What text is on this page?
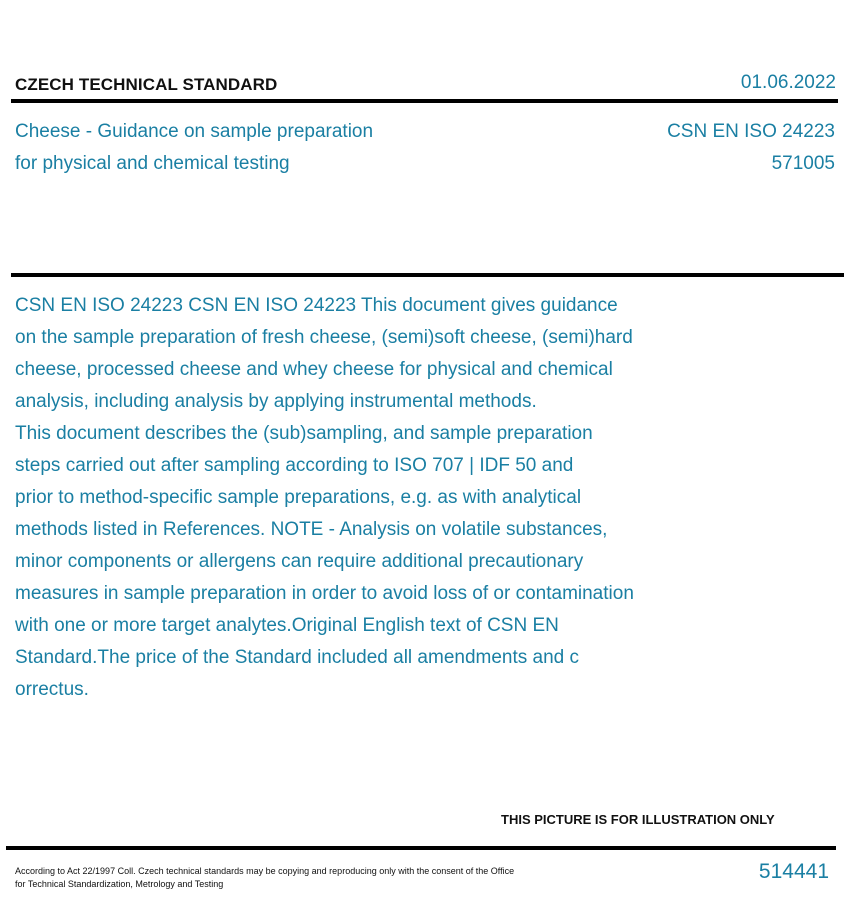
CZECH TECHNICAL STANDARD	01.06.2022
Cheese - Guidance on sample preparation
for physical and chemical testing
CSN EN ISO 24223
571005
CSN EN ISO 24223 CSN EN ISO 24223 This document gives guidance
on the sample preparation of fresh cheese, (semi)soft cheese, (semi)hard
cheese, processed cheese and whey cheese for physical and chemical
analysis, including analysis by applying instrumental methods.
This document describes the (sub)sampling, and sample preparation
steps carried out after sampling according to ISO 707 | IDF 50 and
prior to method-specific sample preparations, e.g. as with analytical
methods listed in References. NOTE - Analysis on volatile substances,
minor components or allergens can require additional precautionary
measures in sample preparation in order to avoid loss of or contamination
with one or more target analytes.Original English text of CSN EN
Standard.The price of the Standard included all amendments and c
orrectus.
THIS PICTURE IS FOR ILLUSTRATION ONLY
According to Act 22/1997 Coll. Czech technical standards may be copying and reproducing only with the consent of the Office
for Technical Standardization, Metrology and Testing
514441
